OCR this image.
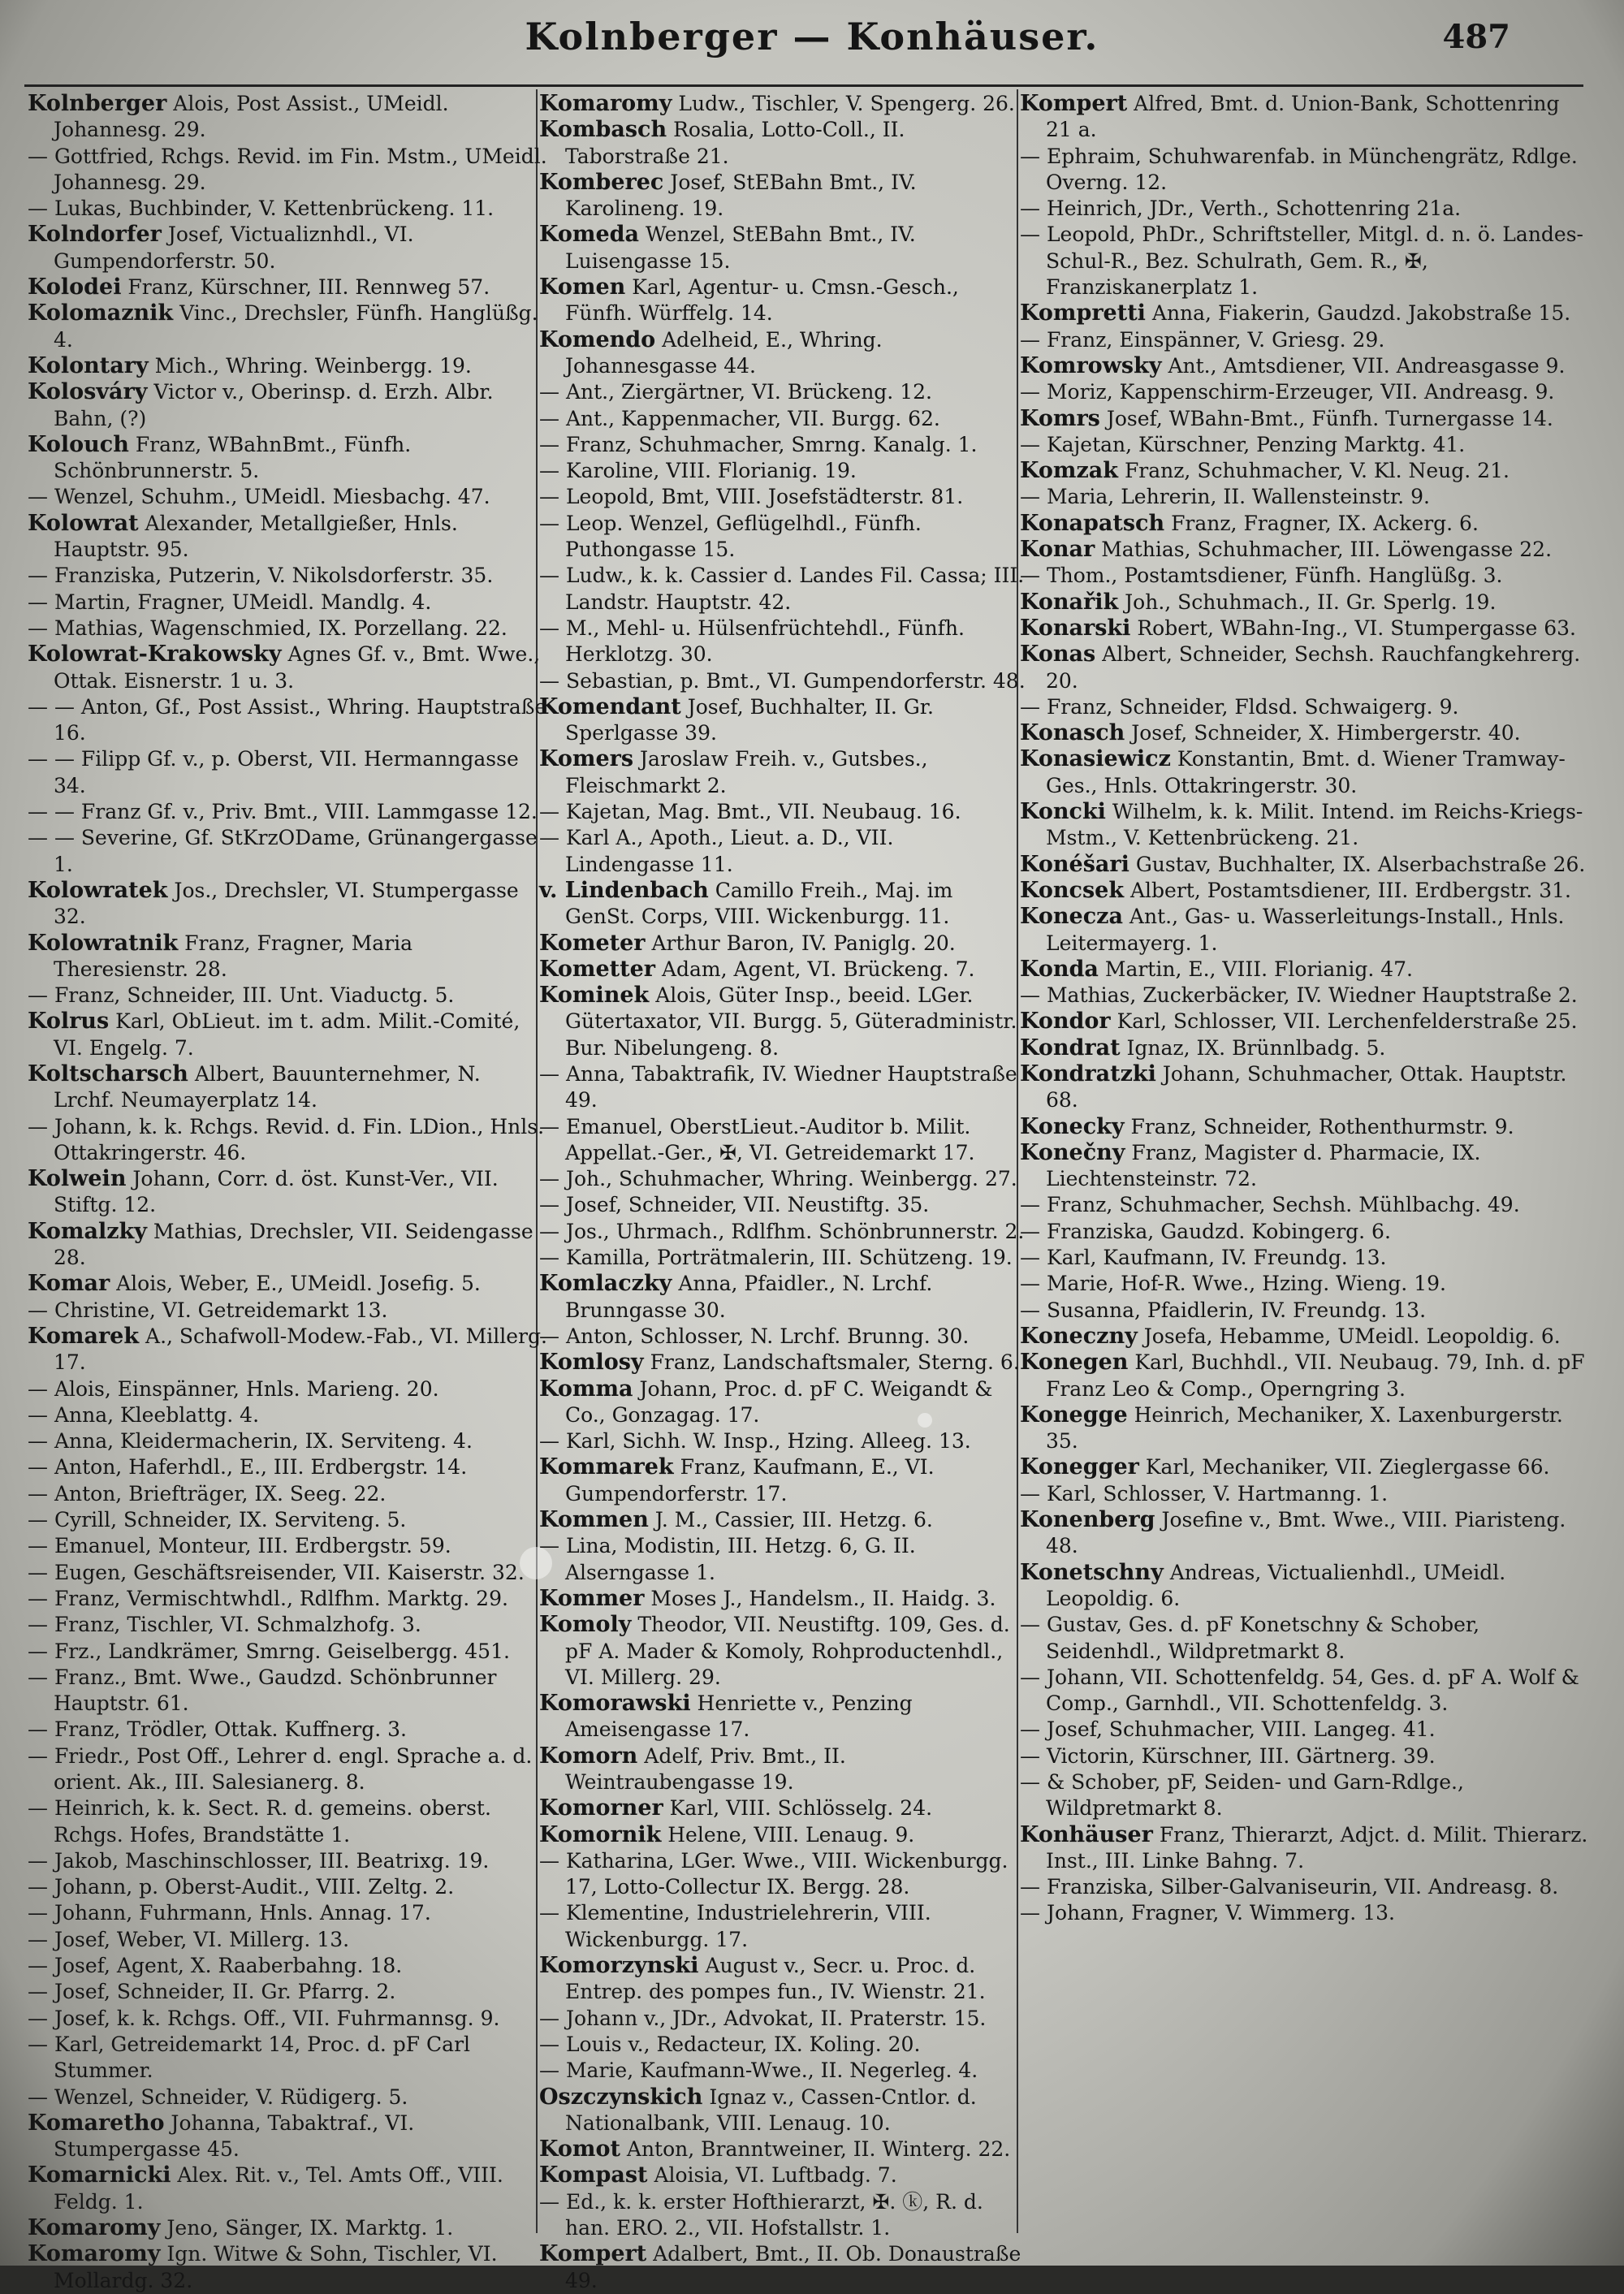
Kolnberger — Konhäuser.	487

Kolnberger Alois, Post Assist., UMeidl. Johannesg. 29.

— Gottfried, Rchgs. Revid. im Fin. Mstm., UMeidl. Johannesg. 29.

— Lukas, Buchbinder, V. Kettenbrückeng. 11.

Kolndorfer Josef, Victualiznhdl., VI. Gumpendorferstr. 50.

Kolodei Franz, Kürschner, III. Rennweg 57.

Kolomaznik Vinc., Drechsler, Fünfh. Hanglüßg. 4.

Kolontary Mich., Whring. Weinbergg. 19.

Kolosváry Victor v., Oberinsp. d. Erzh. Albr. Bahn, (?)

Kolouch Franz, WBahnBmt., Fünfh. Schönbrunnerstr. 5.

— Wenzel, Schuhm., UMeidl. Miesbachg. 47.

Kolowrat Alexander, Metallgießer, Hnls. Hauptstr. 95.

— Franziska, Putzerin, V. Nikolsdorferstr. 35.

— Martin, Fragner, UMeidl. Mandlg. 4.

— Mathias, Wagenschmied, IX. Porzellang. 22.

Kolowrat-Krakowsky Agnes Gf. v., Bmt. Wwe., Ottak. Eisnerstr. 1 u. 3.

— — Anton, Gf., Post Assist., Whring. Hauptstraße 16.

— — Filipp Gf. v., p. Oberst, VII. Hermanngasse 34.

— — Franz Gf. v., Priv. Bmt., VIII. Lammgasse 12.

— — Severine, Gf. StKrzODame, Grünangergasse 1.

Kolowratek Jos., Drechsler, VI. Stumpergasse 32.

Kolowratnik Franz, Fragner, Maria Theresienstr. 28.

— Franz, Schneider, III. Unt. Viaductg. 5.

Kolrus Karl, ObLieut. im t. adm. Milit.-Comité, VI. Engelg. 7.

Koltscharsch Albert, Bauunternehmer, N. Lrchf. Neumayerplatz 14.

— Johann, k. k. Rchgs. Revid. d. Fin. LDion., Hnls. Ottakringerstr. 46.

Kolwein Johann, Corr. d. öst. Kunst-Ver., VII. Stiftg. 12.

Komalzky Mathias, Drechsler, VII. Seidengasse 28.

Komar Alois, Weber, E., UMeidl. Josefig. 5.

— Christine, VI. Getreidemarkt 13.

Komarek A., Schafwoll-Modew.-Fab., VI. Millerg. 17.

— Alois, Einspänner, Hnls. Marieng. 20.

— Anna, Kleeblattg. 4.

— Anna, Kleidermacherin, IX. Serviteng. 4.

— Anton, Haferhdl., E., III. Erdbergstr. 14.

— Anton, Briefträger, IX. Seeg. 22.

— Cyrill, Schneider, IX. Serviteng. 5.

— Emanuel, Monteur, III. Erdbergstr. 59.

— Eugen, Geschäftsreisender, VII. Kaiserstr. 32.

— Franz, Vermischtwhdl., Rdlfhm. Marktg. 29.

— Franz, Tischler, VI. Schmalzhofg. 3.

— Frz., Landkrämer, Smrng. Geiselbergg. 451.

— Franz., Bmt. Wwe., Gaudzd. Schönbrunner Hauptstr. 61.

— Franz, Trödler, Ottak. Kuffnerg. 3.

— Friedr., Post Off., Lehrer d. engl. Sprache a. d. orient. Ak., III. Salesianerg. 8.

— Heinrich, k. k. Sect. R. d. gemeins. oberst. Rchgs. Hofes, Brandstätte 1.

— Jakob, Maschinschlosser, III. Beatrixg. 19.

— Johann, p. Oberst-Audit., VIII. Zeltg. 2.

— Johann, Fuhrmann, Hnls. Annag. 17.

— Josef, Weber, VI. Millerg. 13.

— Josef, Agent, X. Raaberbahng. 18.

— Josef, Schneider, II. Gr. Pfarrg. 2.

— Josef, k. k. Rchgs. Off., VII. Fuhrmannsg. 9.

— Karl, Getreidemarkt 14, Proc. d. pF Carl Stummer.

— Wenzel, Schneider, V. Rüdigerg. 5.

Komaretho Johanna, Tabaktraf., VI. Stumpergasse 45.

Komarnicki Alex. Rit. v., Tel. Amts Off., VIII. Feldg. 1.

Komaromy Jeno, Sänger, IX. Marktg. 1.

Komaromy Ign. Witwe & Sohn, Tischler, VI. Mollardg. 32.

Komaromy Ludw., Tischler, V. Spengerg. 26.

Kombasch Rosalia, Lotto-Coll., II. Taborstraße 21.

Komberec Josef, StEBahn Bmt., IV. Karolineng. 19.

Komeda Wenzel, StEBahn Bmt., IV. Luisengasse 15.

Komen Karl, Agentur- u. Cmsn.-Gesch., Fünfh. Würffelg. 14.

Komendo Adelheid, E., Whring. Johannesgasse 44.

— Ant., Ziergärtner, VI. Brückeng. 12.

— Ant., Kappenmacher, VII. Burgg. 62.

— Franz, Schuhmacher, Smrng. Kanalg. 1.

— Karoline, VIII. Florianig. 19.

— Leopold, Bmt, VIII. Josefstädterstr. 81.

— Leop. Wenzel, Geflügelhdl., Fünfh. Puthongasse 15.

— Ludw., k. k. Cassier d. Landes Fil. Cassa; III. Landstr. Hauptstr. 42.

— M., Mehl- u. Hülsenfrüchtehdl., Fünfh. Herklotzg. 30.

— Sebastian, p. Bmt., VI. Gumpendorferstr. 48.

Komendant Josef, Buchhalter, II. Gr. Sperlgasse 39.

Komers Jaroslaw Freih. v., Gutsbes., Fleischmarkt 2.

— Kajetan, Mag. Bmt., VII. Neubaug. 16.

— Karl A., Apoth., Lieut. a. D., VII. Lindengasse 11.

v. Lindenbach Camillo Freih., Maj. im GenSt. Corps, VIII. Wickenburgg. 11.

Kometer Arthur Baron, IV. Paniglg. 20.

Kometter Adam, Agent, VI. Brückeng. 7.

Kominek Alois, Güter Insp., beeid. LGer. Gütertaxator, VII. Burgg. 5, Güteradministr. Bur. Nibelungeng. 8.

— Anna, Tabaktrafik, IV. Wiedner Hauptstraße 49.

— Emanuel, OberstLieut.-Auditor b. Milit. Appellat.-Ger., ✠, VI. Getreidemarkt 17.

— Joh., Schuhmacher, Whring. Weinbergg. 27.

— Josef, Schneider, VII. Neustiftg. 35.

— Jos., Uhrmach., Rdlfhm. Schönbrunnerstr. 2.

— Kamilla, Porträtmalerin, III. Schützeng. 19.

Komlaczky Anna, Pfaidler., N. Lrchf. Brunngasse 30.

— Anton, Schlosser, N. Lrchf. Brunng. 30.

Komlosy Franz, Landschaftsmaler, Sterng. 6.

Komma Johann, Proc. d. pF C. Weigandt & Co., Gonzagag. 17.

— Karl, Sichh. W. Insp., Hzing. Alleeg. 13.

Kommarek Franz, Kaufmann, E., VI. Gumpendorferstr. 17.

Kommen J. M., Cassier, III. Hetzg. 6.

— Lina, Modistin, III. Hetzg. 6, G. II. Alserngasse 1.

Kommer Moses J., Handelsm., II. Haidg. 3.

Komoly Theodor, VII. Neustiftg. 109, Ges. d. pF A. Mader & Komoly, Rohproductenhdl., VI. Millerg. 29.

Komorawski Henriette v., Penzing Ameisengasse 17.

Komorn Adelf, Priv. Bmt., II. Weintraubengasse 19.

Komorner Karl, VIII. Schlösselg. 24.

Komornik Helene, VIII. Lenaug. 9.

— Katharina, LGer. Wwe., VIII. Wickenburgg. 17, Lotto-Collectur IX. Bergg. 28.

— Klementine, Industrielehrerin, VIII. Wickenburgg. 17.

Komorzynski August v., Secr. u. Proc. d. Entrep. des pompes fun., IV. Wienstr. 21.

— Johann v., JDr., Advokat, II. Praterstr. 15.

— Louis v., Redacteur, IX. Koling. 20.

— Marie, Kaufmann-Wwe., II. Negerleg. 4.

Oszczynskich Ignaz v., Cassen-Cntlor. d. Nationalbank, VIII. Lenaug. 10.

Komot Anton, Branntweiner, II. Winterg. 22.

Kompast Aloisia, VI. Luftbadg. 7.

— Ed., k. k. erster Hofthierarzt, ✠. ⓚ, R. d. han. ERO. 2., VII. Hofstallstr. 1.

Kompert Adalbert, Bmt., II. Ob. Donaustraße 49.

Kompert Alfred, Bmt. d. Union-Bank, Schottenring 21 a.

— Ephraim, Schuhwarenfab. in Münchengrätz, Rdlge. Overng. 12.

— Heinrich, JDr., Verth., Schottenring 21a.

— Leopold, PhDr., Schriftsteller, Mitgl. d. n. ö. Landes-Schul-R., Bez. Schulrath, Gem. R., ✠, Franziskanerplatz 1.

Kompretti Anna, Fiakerin, Gaudzd. Jakobstraße 15.

— Franz, Einspänner, V. Griesg. 29.

Komrowsky Ant., Amtsdiener, VII. Andreasgasse 9.

— Moriz, Kappenschirm-Erzeuger, VII. Andreasg. 9.

Komrs Josef, WBahn-Bmt., Fünfh. Turnergasse 14.

— Kajetan, Kürschner, Penzing Marktg. 41.

Komzak Franz, Schuhmacher, V. Kl. Neug. 21.

— Maria, Lehrerin, II. Wallensteinstr. 9.

Konapatsch Franz, Fragner, IX. Ackerg. 6.

Konar Mathias, Schuhmacher, III. Löwengasse 22.

— Thom., Postamtsdiener, Fünfh. Hanglüßg. 3.

Konařik Joh., Schuhmach., II. Gr. Sperlg. 19.

Konarski Robert, WBahn-Ing., VI. Stumpergasse 63.

Konas Albert, Schneider, Sechsh. Rauchfangkehrerg. 20.

— Franz, Schneider, Fldsd. Schwaigerg. 9.

Konasch Josef, Schneider, X. Himbergerstr. 40.

Konasiewicz Konstantin, Bmt. d. Wiener Tramway-Ges., Hnls. Ottakringerstr. 30.

Koncki Wilhelm, k. k. Milit. Intend. im Reichs-Kriegs-Mstm., V. Kettenbrückeng. 21.

Konéšari Gustav, Buchhalter, IX. Alserbachstraße 26.

Koncsek Albert, Postamtsdiener, III. Erdbergstr. 31.

Konecza Ant., Gas- u. Wasserleitungs-Install., Hnls. Leitermayerg. 1.

Konda Martin, E., VIII. Florianig. 47.

— Mathias, Zuckerbäcker, IV. Wiedner Hauptstraße 2.

Kondor Karl, Schlosser, VII. Lerchenfelderstraße 25.

Kondrat Ignaz, IX. Brünnlbadg. 5.

Kondratzki Johann, Schuhmacher, Ottak. Hauptstr. 68.

Konecky Franz, Schneider, Rothenthurmstr. 9.

Konečny Franz, Magister d. Pharmacie, IX. Liechtensteinstr. 72.

— Franz, Schuhmacher, Sechsh. Mühlbachg. 49.

— Franziska, Gaudzd. Kobingerg. 6.

— Karl, Kaufmann, IV. Freundg. 13.

— Marie, Hof-R. Wwe., Hzing. Wieng. 19.

— Susanna, Pfaidlerin, IV. Freundg. 13.

Koneczny Josefa, Hebamme, UMeidl. Leopoldig. 6.

Konegen Karl, Buchhdl., VII. Neubaug. 79, Inh. d. pF Franz Leo & Comp., Operngring 3.

Konegge Heinrich, Mechaniker, X. Laxenburgerstr. 35.

Konegger Karl, Mechaniker, VII. Zieglergasse 66.

— Karl, Schlosser, V. Hartmanng. 1.

Konenberg Josefine v., Bmt. Wwe., VIII. Piaristeng. 48.

Konetschny Andreas, Victualienhdl., UMeidl. Leopoldig. 6.

— Gustav, Ges. d. pF Konetschny & Schober, Seidenhdl., Wildpretmarkt 8.

— Johann, VII. Schottenfeldg. 54, Ges. d. pF A. Wolf & Comp., Garnhdl., VII. Schottenfeldg. 3.

— Josef, Schuhmacher, VIII. Langeg. 41.

— Victorin, Kürschner, III. Gärtnerg. 39.

— & Schober, pF, Seiden- und Garn-Rdlge., Wildpretmarkt 8.

Konhäuser Franz, Thierarzt, Adjct. d. Milit. Thierarz. Inst., III. Linke Bahng. 7.

— Franziska, Silber-Galvaniseurin, VII. Andreasg. 8.

— Johann, Fragner, V. Wimmerg. 13.
